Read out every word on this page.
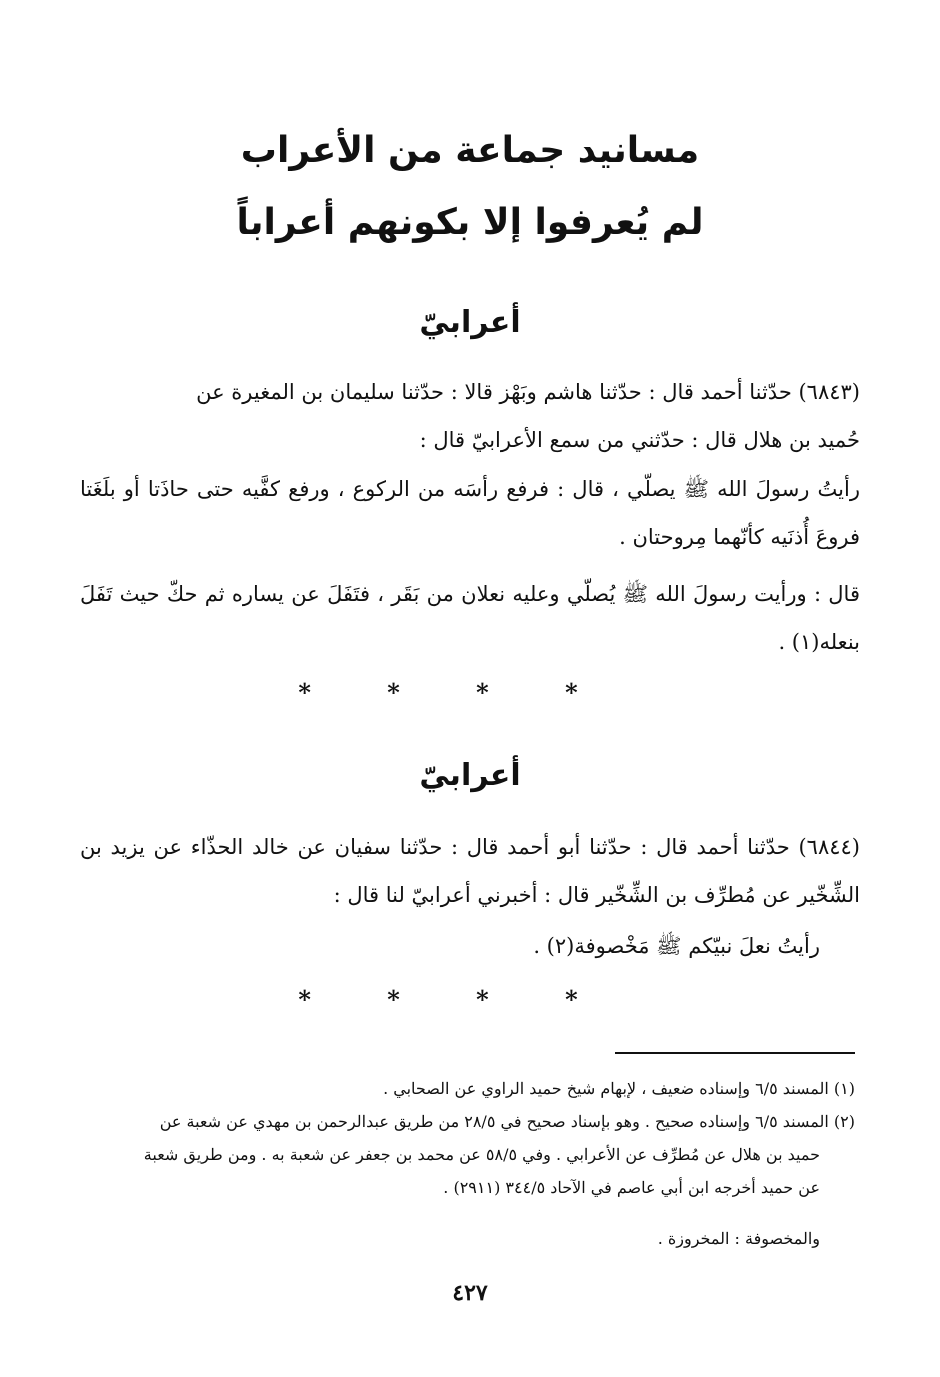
مسانيد جماعة من الأعراب
لم يُعرفوا إلا بكونهم أعراباً
أعرابيّ

(٦٨٤٣) حدّثنا أحمد قال : حدّثنا هاشم وبَهْز قالا : حدّثنا سليمان بن المغيرة عن
حُميد بن هلال قال : حدّثني من سمع الأعرابيّ قال :

رأيتُ رسولَ الله ﷺ يصلّي ، قال : فرفع رأسَه من الركوع ، ورفع كفَّيه حتى حاذَتا أو بلَغَتا فروعَ أُذنَيه كأنّهما مِروحتان .

قال : ورأيت رسولَ الله ﷺ يُصلّي وعليه نعلان من بَقَر ، فتَفَلَ عن يساره ثم حكّ حيث تَفَلَ بنعله(١) .

* * * *
أعرابيّ

(٦٨٤٤) حدّثنا أحمد قال : حدّثنا أبو أحمد قال : حدّثنا سفيان عن خالد الحذّاء عن يزيد بن الشِّخّير عن مُطرِّف بن الشِّخّير قال : أخبرني أعرابيّ لنا قال :

رأيتُ نعلَ نبيّكم ﷺ مَخْصوفة(٢) .

* * * *

(١) المسند ٦/٥ وإسناده ضعيف ، لإبهام شيخ حميد الراوي عن الصحابي .

(٢) المسند ٦/٥ وإسناده صحيح . وهو بإسناد صحيح في ٢٨/٥ من طريق عبدالرحمن بن مهدي عن شعبة عن

حميد بن هلال عن مُطرِّف عن الأعرابي . وفي ٥٨/٥ عن محمد بن جعفر عن شعبة به . ومن طريق شعبة

عن حميد أخرجه ابن أبي عاصم في الآحاد ٣٤٤/٥ (٢٩١١) .

والمخصوفة : المخروزة .

٤٢٧
